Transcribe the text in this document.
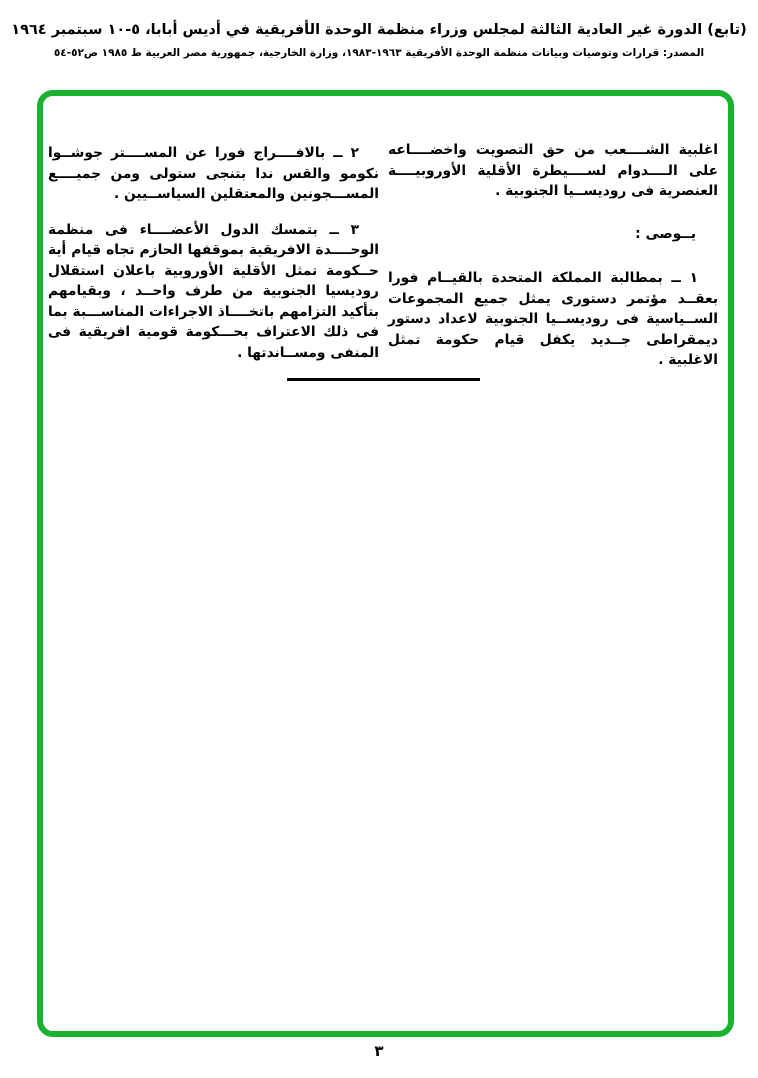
(تابع) الدورة غير العادية الثالثة لمجلس وزراء منظمة الوحدة الأفريقية في أديس أبابا، ٥-١٠ سبتمبر ١٩٦٤
المصدر: قرارات وتوصيات وبيانات منظمة الوحدة الأفريقية ١٩٦٣-١٩٨٣، وزارة الخارجية، جمهورية مصر العربية ط ١٩٨٥ ص٥٢-٥٤

اغلبية الشــــعب من حق التصويت واخضــــاعه على الــــدوام لســــيطرة الأقلية الأوروبيــــة العنصرية فى روديســيا الجنوبية .

يــوصى :

١ ــ بمطالبة المملكة المتحدة بالقيــام فورا بعقــد مؤتمر دستورى يمثل جميع المجموعات الســياسية فى روديســيا الجنوبية لاعداد دستور ديمقراطى جــديد يكفل قيام حكومة تمثل الاغلبية .

٢ ــ بالافــــراج فورا عن المســــتر جوشــوا نكومو والقس ندا بتنجى ستولى ومن جميــــع المســـجونين والمعتقلين السياســيين .

٣ ــ بتمسك الدول الأعضــــاء فى منظمة الوحــــدة الافريقية بموقفها الحازم تجاه قيام أية حــكومة تمثل الأقلية الأوروبية باعلان استقلال روديسيا الجنوبية من طرف واحــد ، وبقيامهم بتأكيد التزامهم باتخــــاذ الاجراءات المناســـبة بما فى ذلك الاعتراف بحـــكومة قومية افريقية فى المنفى ومســاندتها .

٣
